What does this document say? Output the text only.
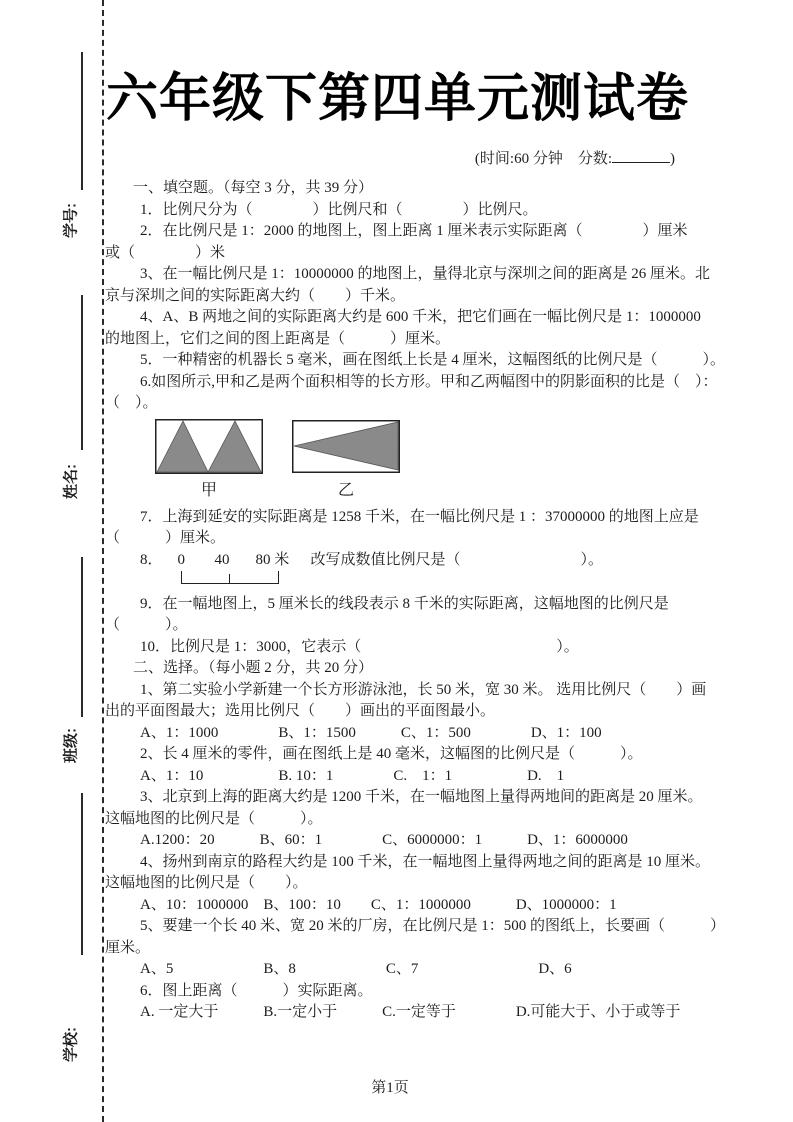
学号:
姓名:
班级:
学校:
六年级下第四单元测试卷
(时间:60 分钟　分数:	)
一、填空题。（每空 3 分，共 39 分）
1．比例尺分为（　　　　）比例尺和（　　　　）比例尺。
2．在比例尺是 1：2000 的地图上，图上距离 1 厘米表示实际距离（　　　　）厘米
或（　　　　）米
3、在一幅比例尺是 1：10000000 的地图上，量得北京与深圳之间的距离是 26 厘米。北
京与深圳之间的实际距离大约（　　）千米。
4、A、B 两地之间的实际距离大约是 600 千米，把它们画在一幅比例尺是 1：1000000
的地图上，它们之间的图上距离是（　　　）厘米。
5．一种精密的机器长 5 毫米，画在图纸上长是 4 厘米，这幅图纸的比例尺是（　　　）。
6.如图所示,甲和乙是两个面积相等的长方形。甲和乙两幅图中的阴影面积的比是（　）：
（　）。
甲	乙
7．上海到延安的实际距离是 1258 千米，在一幅比例尺是 1 ：37000000 的地图上应是
（　　　）厘米。
8． 0 40 80 米 改写成数值比例尺是（　　　　　　　　）。
9．在一幅地图上，5 厘米长的线段表示 8 千米的实际距离，这幅地图的比例尺是
（　　　）。
10．比例尺是 1：3000，它表示（　　　　　　　　　　　　　）。
二、选择。（每小题 2 分，共 20 分）
1、第二实验小学新建一个长方形游泳池，长 50 米，宽 30 米。 选用比例尺（　　）画
出的平面图最大；选用比例尺（　　）画出的平面图最小。
A、1：1000　　　　B、1：1500　　　C、1：500　　　　D、1：100
2、长 4 厘米的零件，画在图纸上是 40 毫米，这幅图的比例尺是（　　　）。
A、1：10　　　　　B. 10：1　　　　C.　1：1　　　　　D.　1
3、北京到上海的距离大约是 1200 千米，在一幅地图上量得两地间的距离是 20 厘米。
这幅地图的比例尺是（　　　）。
A.1200：20　　　B、60：1　　　　C、6000000：1　　　D、1：6000000
4、扬州到南京的路程大约是 100 千米，在一幅地图上量得两地之间的距离是 10 厘米。
这幅地图的比例尺是（　　）。
A、10：1000000　B、100：10　　C、1：1000000　　　D、1000000：1
5、要建一个长 40 米、宽 20 米的厂房，在比例尺是 1：500 的图纸上，长要画（　　　）
厘米。
A、5　　　　　　B、8　　　　　　C、7　　　　　　　　D、6
6．图上距离（　　　）实际距离。
A. 一定大于　　　B.一定小于　　　C.一定等于　　　　D.可能大于、小于或等于
第1页
